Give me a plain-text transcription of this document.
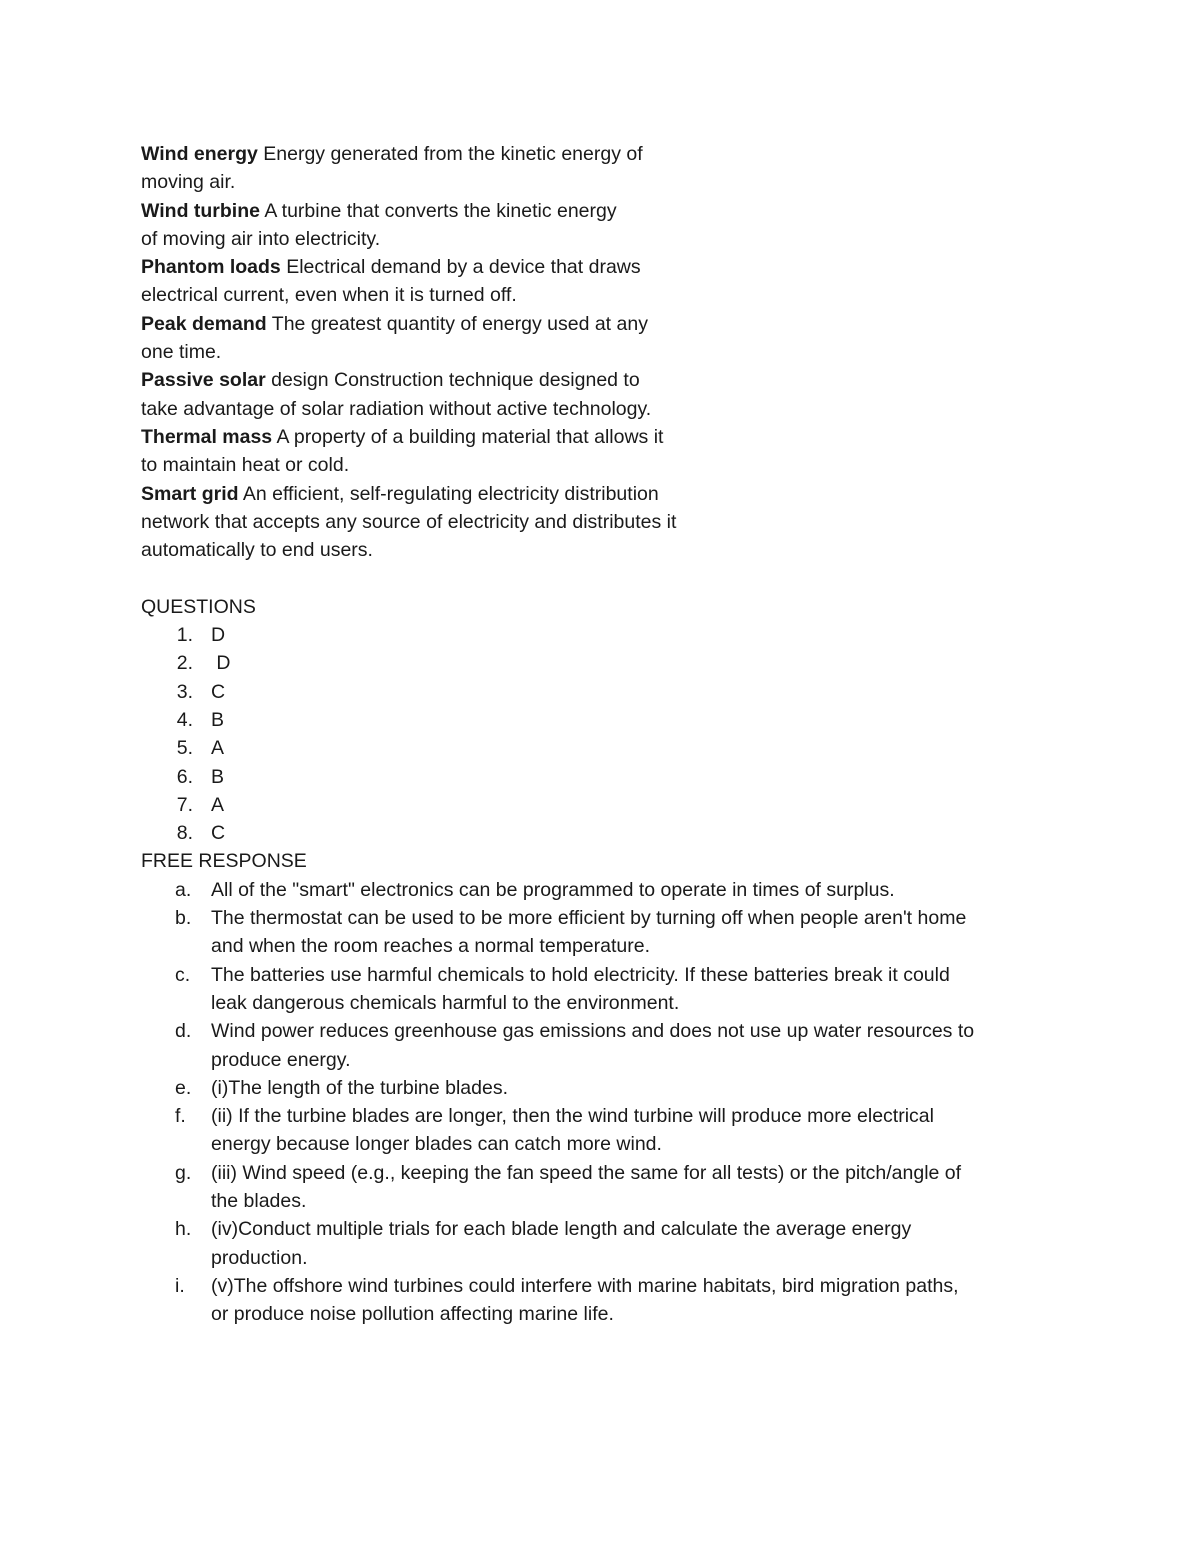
Wind energy Energy generated from the kinetic energy of
moving air.
Wind turbine A turbine that converts the kinetic energy
of moving air into electricity.
Phantom loads Electrical demand by a device that draws
electrical current, even when it is turned off.
Peak demand The greatest quantity of energy used at any
one time.
Passive solar design Construction technique designed to
take advantage of solar radiation without active technology.
Thermal mass A property of a building material that allows it
to maintain heat or cold.
Smart grid An efficient, self-regulating electricity distribution
network that accepts any source of electricity and distributes it
automatically to end users.
QUESTIONS
1. D
2. D
3. C
4. B
5. A
6. B
7. A
8. C
FREE RESPONSE
a.	All of the "smart" electronics can be programmed to operate in times of surplus.
b.	The thermostat can be used to be more efficient by turning off when people aren't home
and when the room reaches a normal temperature.
c.	The batteries use harmful chemicals to hold electricity. If these batteries break it could
leak dangerous chemicals harmful to the environment.
d.	Wind power reduces greenhouse gas emissions and does not use up water resources to
produce energy.
e.	(i)The length of the turbine blades.
f.	(ii) If the turbine blades are longer, then the wind turbine will produce more electrical
energy because longer blades can catch more wind.
g.	(iii) Wind speed (e.g., keeping the fan speed the same for all tests) or the pitch/angle of
the blades.
h.	(iv)Conduct multiple trials for each blade length and calculate the average energy
production.
i.	(v)The offshore wind turbines could interfere with marine habitats, bird migration paths,
or produce noise pollution affecting marine life.
